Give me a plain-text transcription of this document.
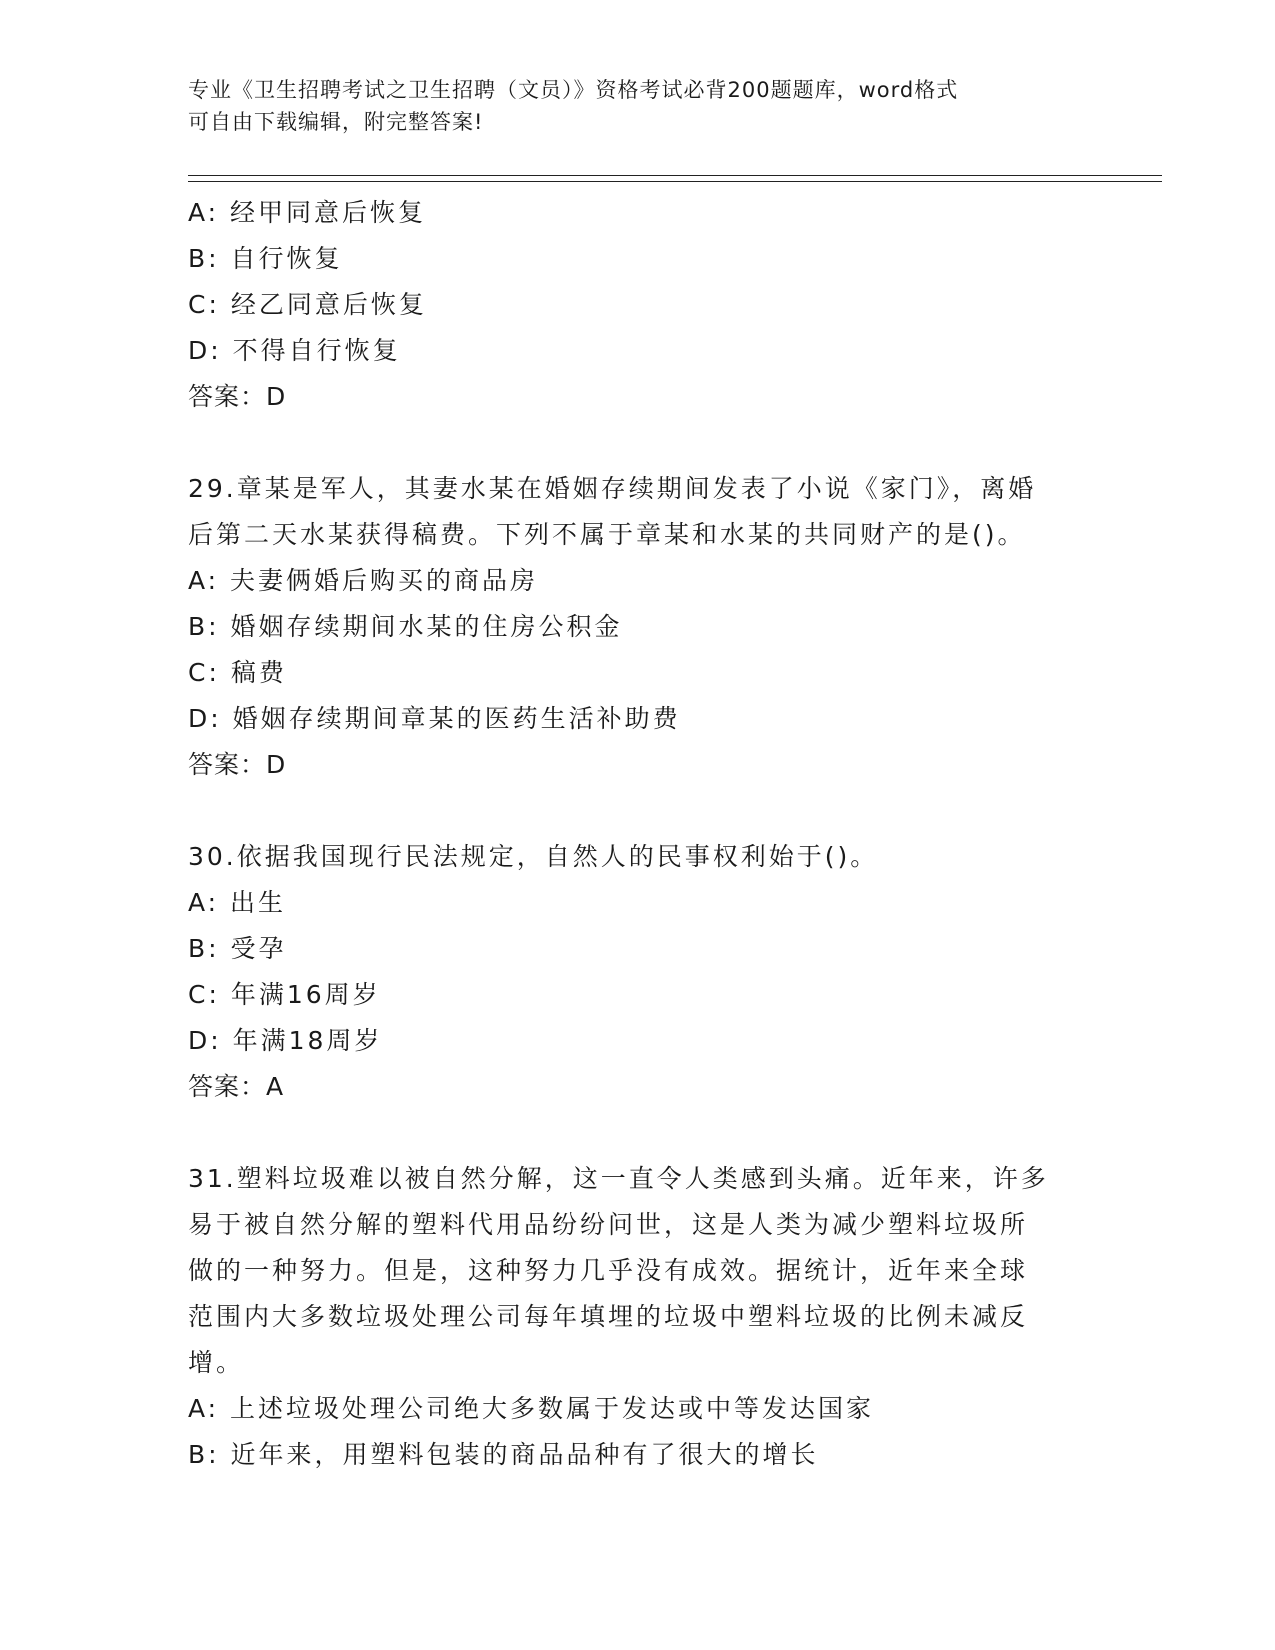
专业《卫生招聘考试之卫生招聘（文员）》资格考试必背200题题库，word格式
可自由下载编辑，附完整答案!
A: 经甲同意后恢复
B: 自行恢复
C: 经乙同意后恢复
D: 不得自行恢复
答案：D
29.章某是军人，其妻水某在婚姻存续期间发表了小说《家门》，离婚
后第二天水某获得稿费。下列不属于章某和水某的共同财产的是()。
A: 夫妻俩婚后购买的商品房
B: 婚姻存续期间水某的住房公积金
C: 稿费
D: 婚姻存续期间章某的医药生活补助费
答案：D
30.依据我国现行民法规定，自然人的民事权利始于()。
A: 出生
B: 受孕
C: 年满16周岁
D: 年满18周岁
答案：A
31.塑料垃圾难以被自然分解，这一直令人类感到头痛。近年来，许多
易于被自然分解的塑料代用品纷纷问世，这是人类为减少塑料垃圾所
做的一种努力。但是，这种努力几乎没有成效。据统计，近年来全球
范围内大多数垃圾处理公司每年填埋的垃圾中塑料垃圾的比例未减反
增。
A: 上述垃圾处理公司绝大多数属于发达或中等发达国家
B: 近年来，用塑料包装的商品品种有了很大的增长
